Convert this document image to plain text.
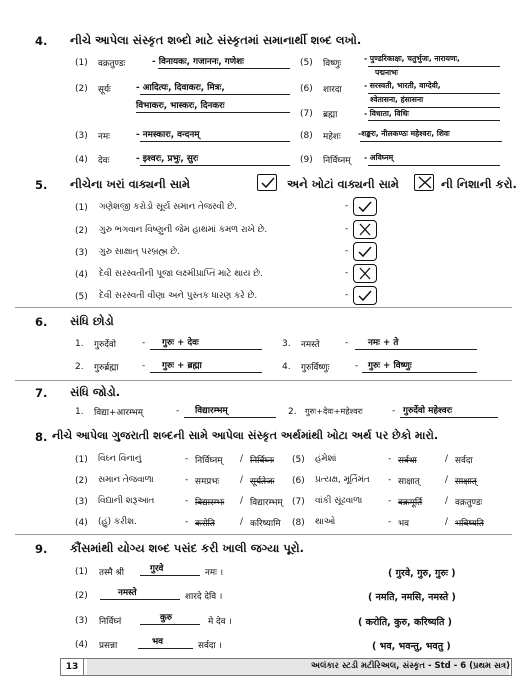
4. નીચે આપેલા સંસ્કૃત શબ્દો માટે સંસ્કૃતમાં સમાનાર્થી શબ્દ લખો.
(1) वक्रतुण्डः	- विनायकः, गजाननः, गणेशः
(2) सूर्यः	- आदित्यः, दिवाकरः, मित्रः,
विभाकरः, भास्करः, दिनकरः
(3) नमः	- नमस्कारः, वन्दनम्
(4) देवः	- इश्वरः, प्रभुः, सुरः
(5) विष्णुः
- पुण्डरिकाक्षः, चतुर्भुजः, नारायणः,
पद्मनाभः
(6) शारदा	- सरस्वती, भारती, वाग्देवी,
श्वेतासना, हंसासना
(7) ब्रह्मा	- विधाता, विधिः
(8) महेशः -शङ्करः, नीलकण्ठः महेश्वरः, शिवः
(9) निर्विघ्नम् - अविघ्नम्
5. નીચેના ખરાં વાક્યની સામે	અને ખોટાં વાક્યની સામે	ની નિશાની કરો.
(1) ગણેશજી કરોડો સૂર્ય સમાન તેજસ્વી છે.	-
(2) ગુરુ ભગવાન વિષ્ણુની જેમ હાથમાં કમળ રાખે છે.	-
(3) ગુરુ સાક્ષાત્ પરબ્રહ્મ છે.	-
(4) દેવી સરસ્વતીની પૂજા લક્ષ્મીપ્રાપ્તિ માટે થાય છે.	-
(5) દેવી સરસ્વતી વીણા અને પુસ્તક ધારણ કરે છે.	-
6. સંધિ છોડો
1. गुरुर्देवो	- गुरुः + देवः	3. नमस्ते	- नमः + ते
2. गुरुर्ब्रह्मा	- गुरुः + ब्रह्मा	4. गुरुर्विष्णुः	- गुरुः + विष्णुः
7. સંધિ જોડો.
1. विद्या+आरम्भम्	- विद्यारम्भम्	2. गुरुः+देवः+महेश्वरः	- गुरुर्देवो महेश्वरः
8. નીચે આપેલા ગુજરાતી શબ્દની સામે આપેલા સંસ્કૃત અર્થમાંથી ખોટા અર્થ પર છેકો મારો.
(1) વિઘ્ન વિનાનું	- निर्विघ्नम् / निर्विघ्नः
(2) સમાન તેજવાળા	- समप्रभः / सूर्यतेजः
(3) વિદ્યાની શરૂઆત	- विद्यारम्भः / विद्यारम्भम्
(4) (હું) કરીશ.	- करोति	/ करिष्यामि
(5) હંમેશાં	- सर्वथा	/ सर्वदा
(6) પ્રત્યક્ષ, મૂર્તિમંત - साक्षात्	/ साक्षात्
(7) વાંકી સૂંઢવાળા	- वक्रमूर्ति	/ वक्रतुण्डः
(8) થાઓ	- भव	/ भविष्यति
9. કૌંસમાંથી યોગ્ય શબ્દ પસંદ કરી ખાલી જગ્યા પૂરો.
(1) तस्मै श्री	गुरवे	नमः ।	( गुरवे, गुरु, गुरुः )
(2)	नमस्ते	शारदे देवि ।	( नमति, नमसि, नमस्ते )
(3) निर्विघ्नं	कुरु	मे देव ।	( करोति, कुरु, करिष्यति )
(4) प्रसन्ना	भव	सर्वदा ।	( भव, भवन्तु, भवतु )
13	અલંકાર સ્ટડી મટીરિઅલ, સંસ્કૃત - Std - 6 (પ્રથમ સત્ર)
